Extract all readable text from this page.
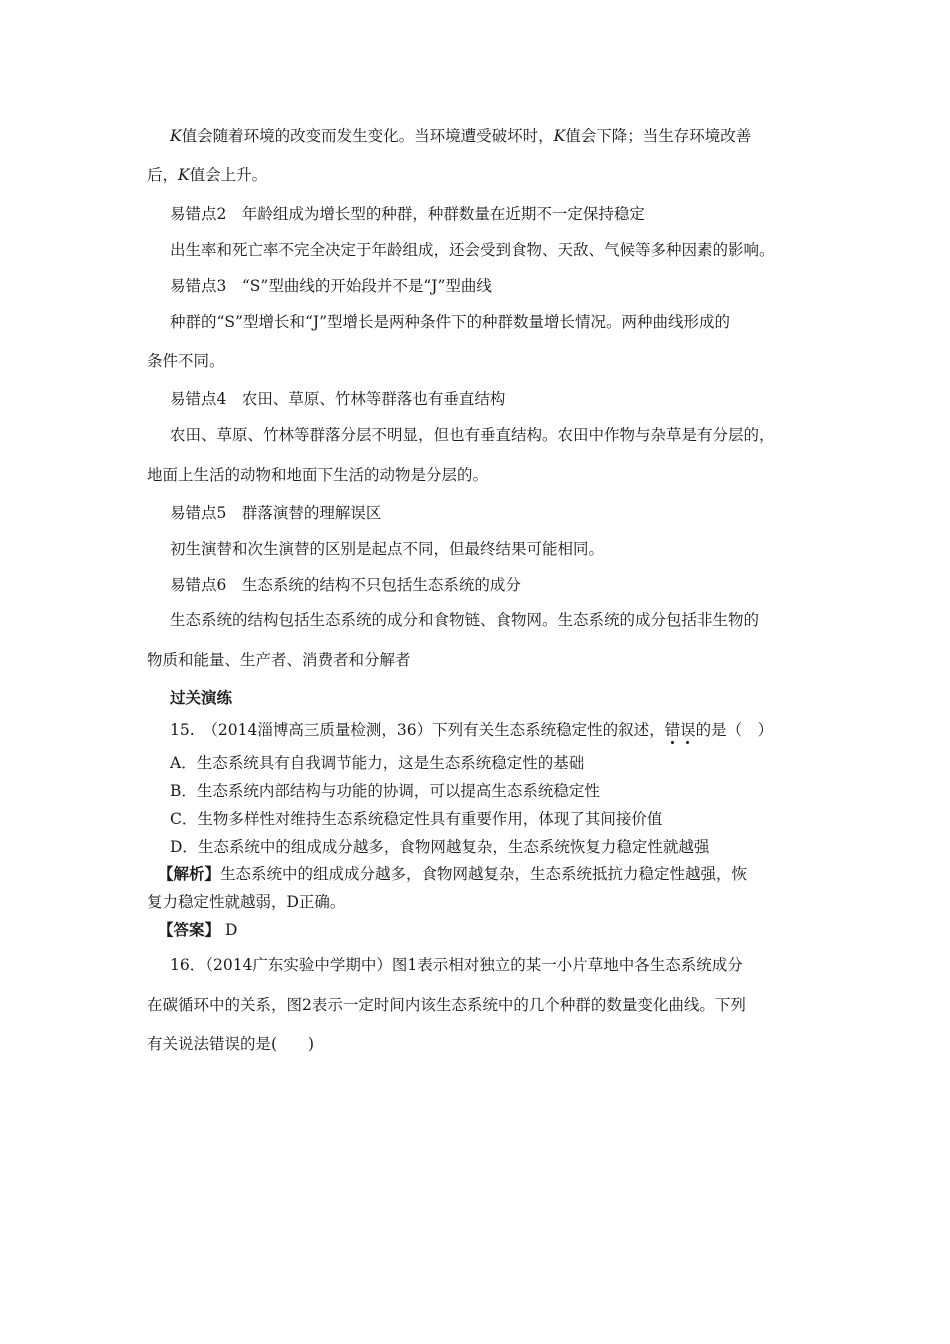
K值会随着环境的改变而发生变化。当环境遭受破坏时，K值会下降；当生存环境改善
后，K值会上升。
易错点2　年龄组成为增长型的种群，种群数量在近期不一定保持稳定
出生率和死亡率不完全决定于年龄组成，还会受到食物、天敌、气候等多种因素的影响。
易错点3　“S”型曲线的开始段并不是“J”型曲线
种群的“S”型增长和“J”型增长是两种条件下的种群数量增长情况。两种曲线形成的
条件不同。
易错点4　农田、草原、竹林等群落也有垂直结构
农田、草原、竹林等群落分层不明显，但也有垂直结构。农田中作物与杂草是有分层的，
地面上生活的动物和地面下生活的动物是分层的。
易错点5　群落演替的理解误区
初生演替和次生演替的区别是起点不同，但最终结果可能相同。
易错点6　生态系统的结构不只包括生态系统的成分
生态系统的结构包括生态系统的成分和食物链、食物网。生态系统的成分包括非生物的
物质和能量、生产者、消费者和分解者
过关演练
15.　（2014淄博高三质量检测，36）下列有关生态系统稳定性的叙述，错误的是（　）
A．生态系统具有自我调节能力，这是生态系统稳定性的基础
B．生态系统内部结构与功能的协调，可以提高生态系统稳定性
C．生物多样性对维持生态系统稳定性具有重要作用，体现了其间接价值
D．生态系统中的组成成分越多，食物网越复杂，生态系统恢复力稳定性就越强
【解析】生态系统中的组成成分越多，食物网越复杂，生态系统抵抗力稳定性越强，恢
复力稳定性就越弱，D正确。
【答案】 D
16．（2014广东实验中学期中）图1表示相对独立的某一小片草地中各生态系统成分
在碳循环中的关系，图2表示一定时间内该生态系统中的几个种群的数量变化曲线。下列
有关说法错误的是(　　)
